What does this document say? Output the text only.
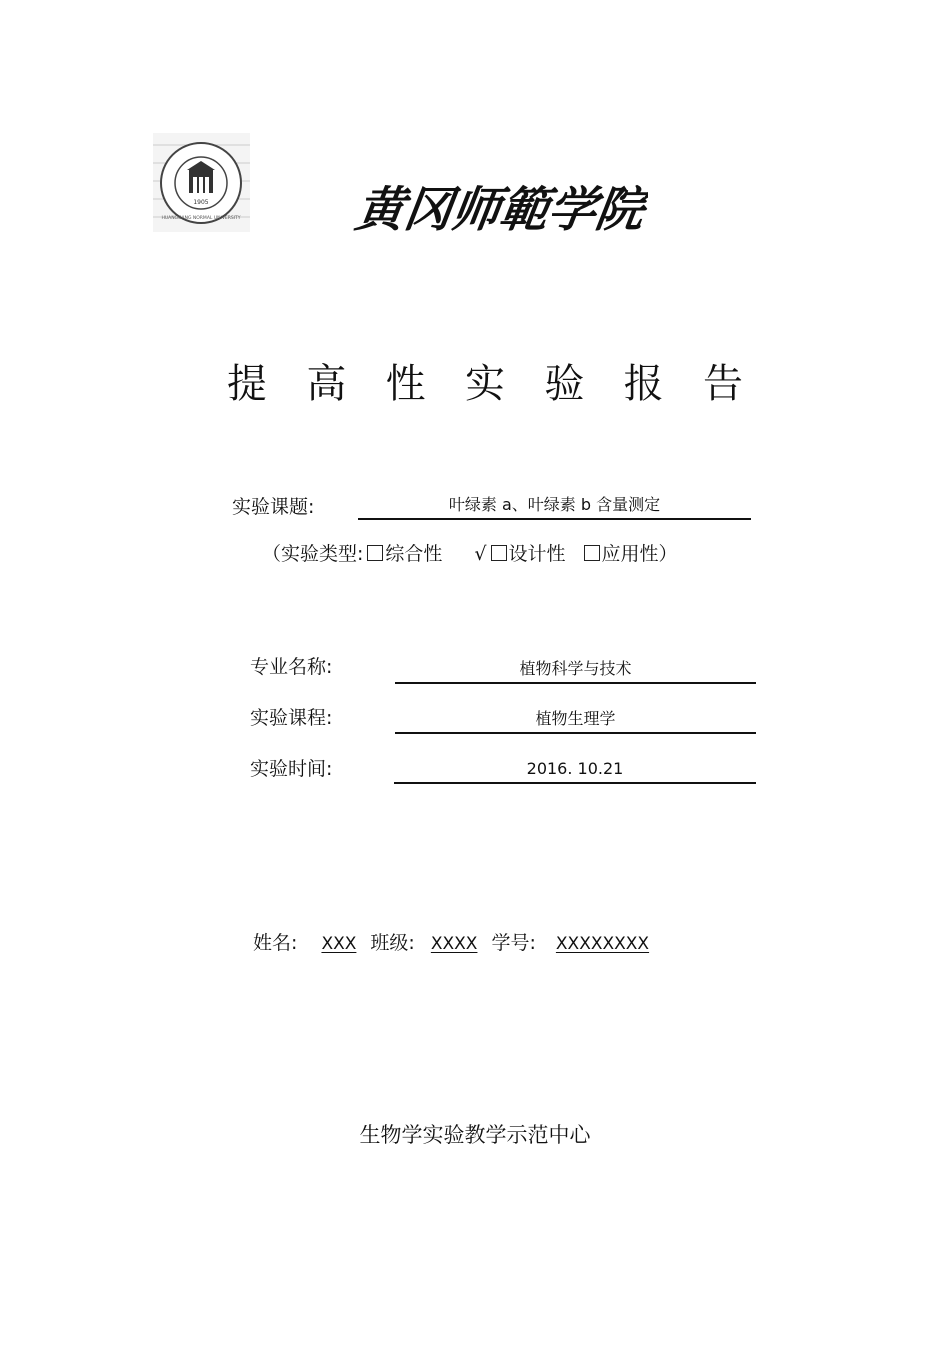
1905
HUANGGANG NORMAL UNIVERSITY 黄冈师範学院
提 高 性 实 验 报 告
实验课题:	叶绿素 a、叶绿素 b 含量测定
（实验类型: 综合性 √ 设计性 应用性）
专业名称:	植物科学与技术
实验课程:	植物生理学
实验时间:	2016. 10.21
姓名: XXX 班级: XXXX 学号: XXXXXXXX
生物学实验教学示范中心
